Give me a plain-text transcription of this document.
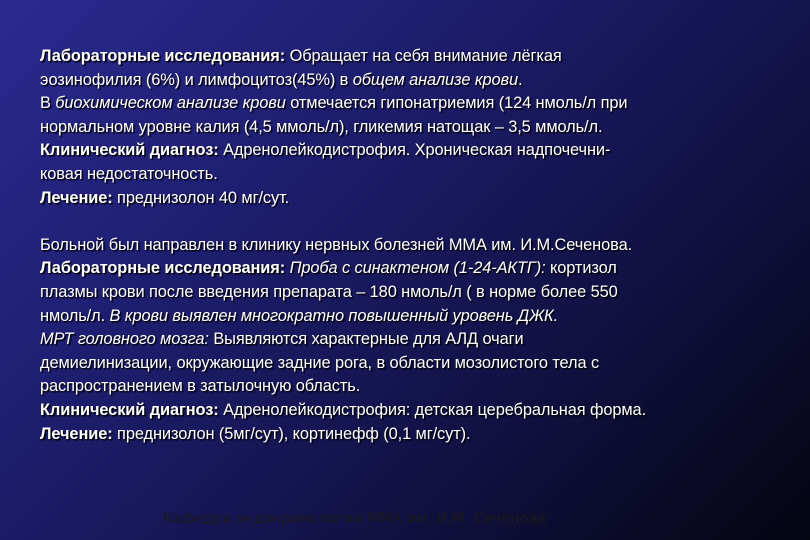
Лабораторные исследования: Обращает на себя внимание лёгкая

эозинофилия (6%) и лимфоцитоз(45%) в общем анализе крови.

В биохимическом анализе крови отмечается гипонатриемия (124 нмоль/л при

нормальном уровне калия (4,5 ммоль/л), гликемия натощак – 3,5 ммоль/л.

Клинический диагноз: Адренолейкодистрофия. Хроническая надпочечни-

ковая недостаточность.

Лечение: преднизолон 40 мг/сут.

Больной был направлен в клинику нервных болезней ММА им. И.М.Сеченова.

Лабораторные исследования: Проба с синактеном (1-24-АКТГ): кортизол

плазмы крови после введения препарата – 180 нмоль/л ( в норме более 550

нмоль/л. В крови выявлен многократно повышенный уровень ДЖК.

МРТ головного мозга: Выявляются характерные для АЛД очаги

демиелинизации, окружающие задние рога, в области мозолистого тела с

распространением в затылочную область.

Клинический диагноз: Адренолейкодистрофия: детская церебральная форма.

Лечение: преднизолон (5мг/сут), кортинефф (0,1 мг/сут).

Кафедра эндокринологии ММА им. И.М. Сеченова
